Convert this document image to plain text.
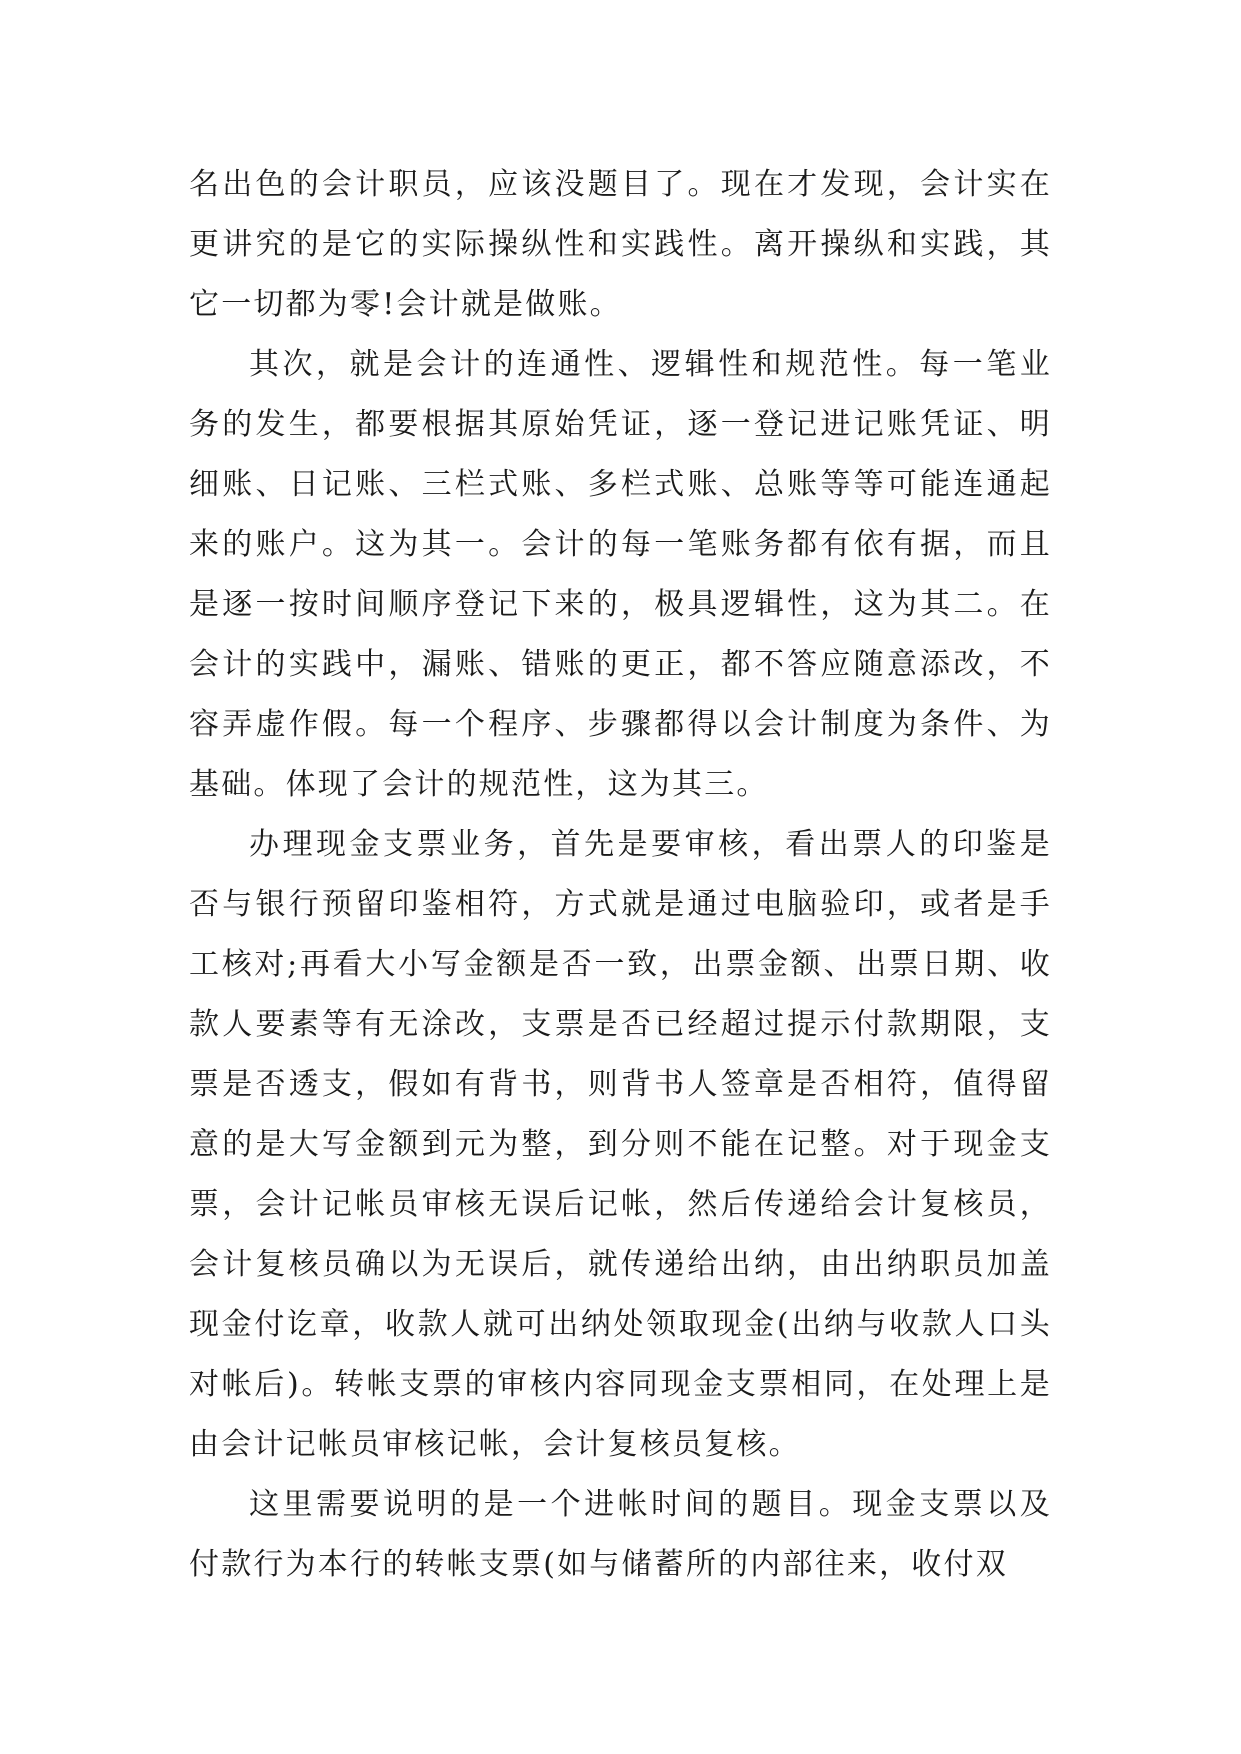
名出色的会计职员，应该没题目了。现在才发现，会计实在更讲究的是它的实际操纵性和实践性。离开操纵和实践，其它一切都为零!会计就是做账。

其次，就是会计的连通性、逻辑性和规范性。每一笔业务的发生，都要根据其原始凭证，逐一登记进记账凭证、明细账、日记账、三栏式账、多栏式账、总账等等可能连通起来的账户。这为其一。会计的每一笔账务都有依有据，而且是逐一按时间顺序登记下来的，极具逻辑性，这为其二。在会计的实践中，漏账、错账的更正，都不答应随意添改，不容弄虚作假。每一个程序、步骤都得以会计制度为条件、为基础。体现了会计的规范性，这为其三。

办理现金支票业务，首先是要审核，看出票人的印鉴是否与银行预留印鉴相符，方式就是通过电脑验印，或者是手工核对;再看大小写金额是否一致，出票金额、出票日期、收款人要素等有无涂改，支票是否已经超过提示付款期限，支票是否透支，假如有背书，则背书人签章是否相符，值得留意的是大写金额到元为整，到分则不能在记整。对于现金支票，会计记帐员审核无误后记帐，然后传递给会计复核员，会计复核员确以为无误后，就传递给出纳，由出纳职员加盖现金付讫章，收款人就可出纳处领取现金(出纳与收款人口头对帐后)。转帐支票的审核内容同现金支票相同，在处理上是由会计记帐员审核记帐，会计复核员复核。

这里需要说明的是一个进帐时间的题目。现金支票以及付款行为本行的转帐支票(如与储蓄所的内部往来，收付双
